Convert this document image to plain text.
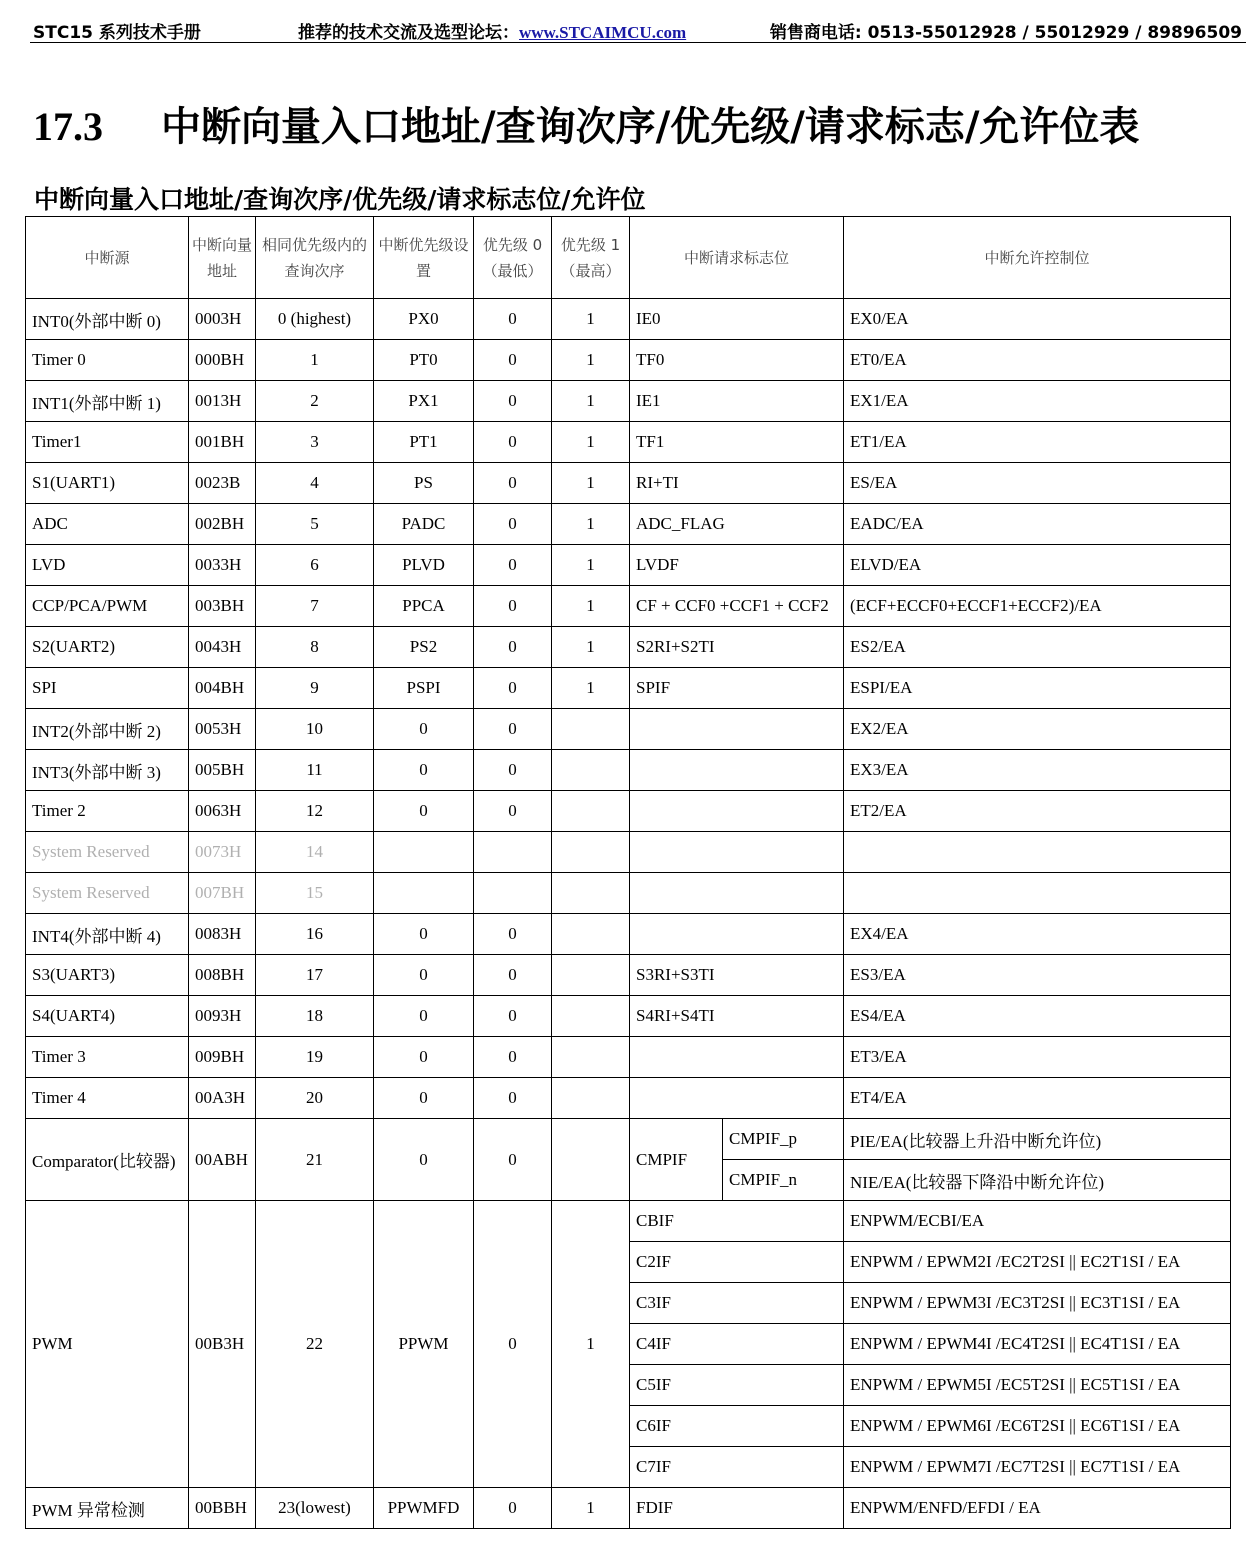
STC15 系列技术手册	推荐的技术交流及选型论坛：www.STCAIMCU.com	销售商电话: 0513-55012928 / 55012929 / 89896509
17.3 中断向量入口地址/查询次序/优先级/请求标志/允许位表
中断向量入口地址/查询次序/优先级/请求标志位/允许位
中断源	中断向量地址	相同优先级内的查询次序	中断优先级设置	优先级 0（最低）	优先级 1（最高）	中断请求标志位		中断允许控制位
INT0(外部中断 0)	0003H	0 (highest)	PX0	0	1	IE0		EX0/EA
Timer 0	000BH	1	PT0	0	1	TF0		ET0/EA
INT1(外部中断 1)	0013H	2	PX1	0	1	IE1		EX1/EA
Timer1	001BH	3	PT1	0	1	TF1		ET1/EA
S1(UART1)	0023B	4	PS	0	1	RI+TI		ES/EA
ADC	002BH	5	PADC	0	1	ADC_FLAG		EADC/EA
LVD	0033H	6	PLVD	0	1	LVDF		ELVD/EA
CCP/PCA/PWM	003BH	7	PPCA	0	1	CF + CCF0 +CCF1 + CCF2		(ECF+ECCF0+ECCF1+ECCF2)/EA
S2(UART2)	0043H	8	PS2	0	1	S2RI+S2TI		ES2/EA
SPI	004BH	9	PSPI	0	1	SPIF		ESPI/EA
INT2(外部中断 2)	0053H	10	0	0				EX2/EA
INT3(外部中断 3)	005BH	11	0	0				EX3/EA
Timer 2	0063H	12	0	0				ET2/EA
System Reserved	0073H	14						
System Reserved	007BH	15						
INT4(外部中断 4)	0083H	16	0	0				EX4/EA
S3(UART3)	008BH	17	0	0		S3RI+S3TI		ES3/EA
S4(UART4)	0093H	18	0	0		S4RI+S4TI		ES4/EA
Timer 3	009BH	19	0	0				ET3/EA
Timer 4	00A3H	20	0	0				ET4/EA
Comparator(比较器)	00ABH	21	0	0		CMPIF	CMPIF_p	PIE/EA(比较器上升沿中断允许位)
							CMPIF_n	NIE/EA(比较器下降沿中断允许位)
PWM	00B3H	22	PPWM	0	1	CBIF		ENPWM/ECBI/EA
						C2IF		ENPWM / EPWM2I /EC2T2SI || EC2T1SI / EA
						C3IF		ENPWM / EPWM3I /EC3T2SI || EC3T1SI / EA
						C4IF		ENPWM / EPWM4I /EC4T2SI || EC4T1SI / EA
						C5IF		ENPWM / EPWM5I /EC5T2SI || EC5T1SI / EA
						C6IF		ENPWM / EPWM6I /EC6T2SI || EC6T1SI / EA
						C7IF		ENPWM / EPWM7I /EC7T2SI || EC7T1SI / EA
PWM 异常检测	00BBH	23(lowest)	PPWMFD	0	1	FDIF		ENPWM/ENFD/EFDI / EA
